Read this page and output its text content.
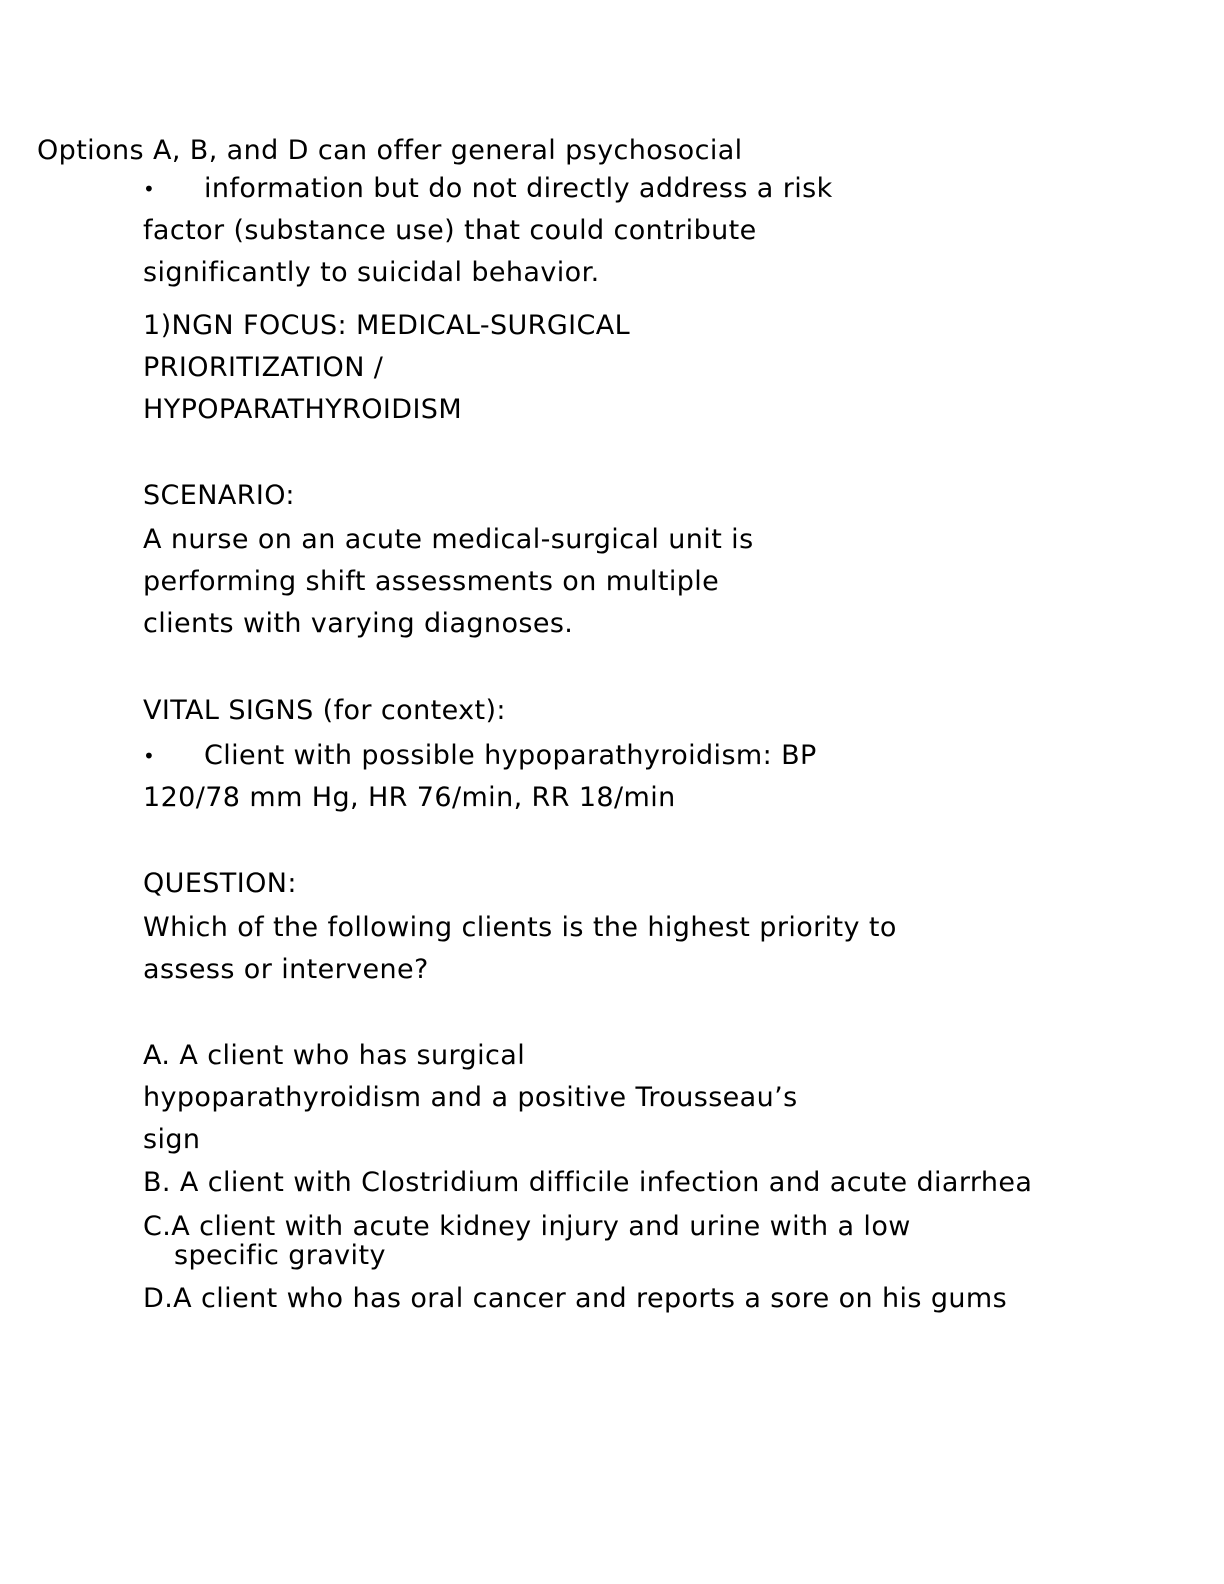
Options A, B, and D can offer general psychosocial
• information but do not directly address a risk
factor (substance use) that could contribute
significantly to suicidal behavior.
1)NGN FOCUS: MEDICAL-SURGICAL
PRIORITIZATION /
HYPOPARATHYROIDISM
SCENARIO:
A nurse on an acute medical-surgical unit is
performing shift assessments on multiple
clients with varying diagnoses.
VITAL SIGNS (for context):
• Client with possible hypoparathyroidism: BP
120/78 mm Hg, HR 76/min, RR 18/min
QUESTION:
Which of the following clients is the highest priority to
assess or intervene?
A. A client who has surgical
hypoparathyroidism and a positive Trousseau’s
sign
B. A client with Clostridium difficile infection and acute diarrhea
C.A client with acute kidney injury and urine with a low
specific gravity
D.A client who has oral cancer and reports a sore on his gums
